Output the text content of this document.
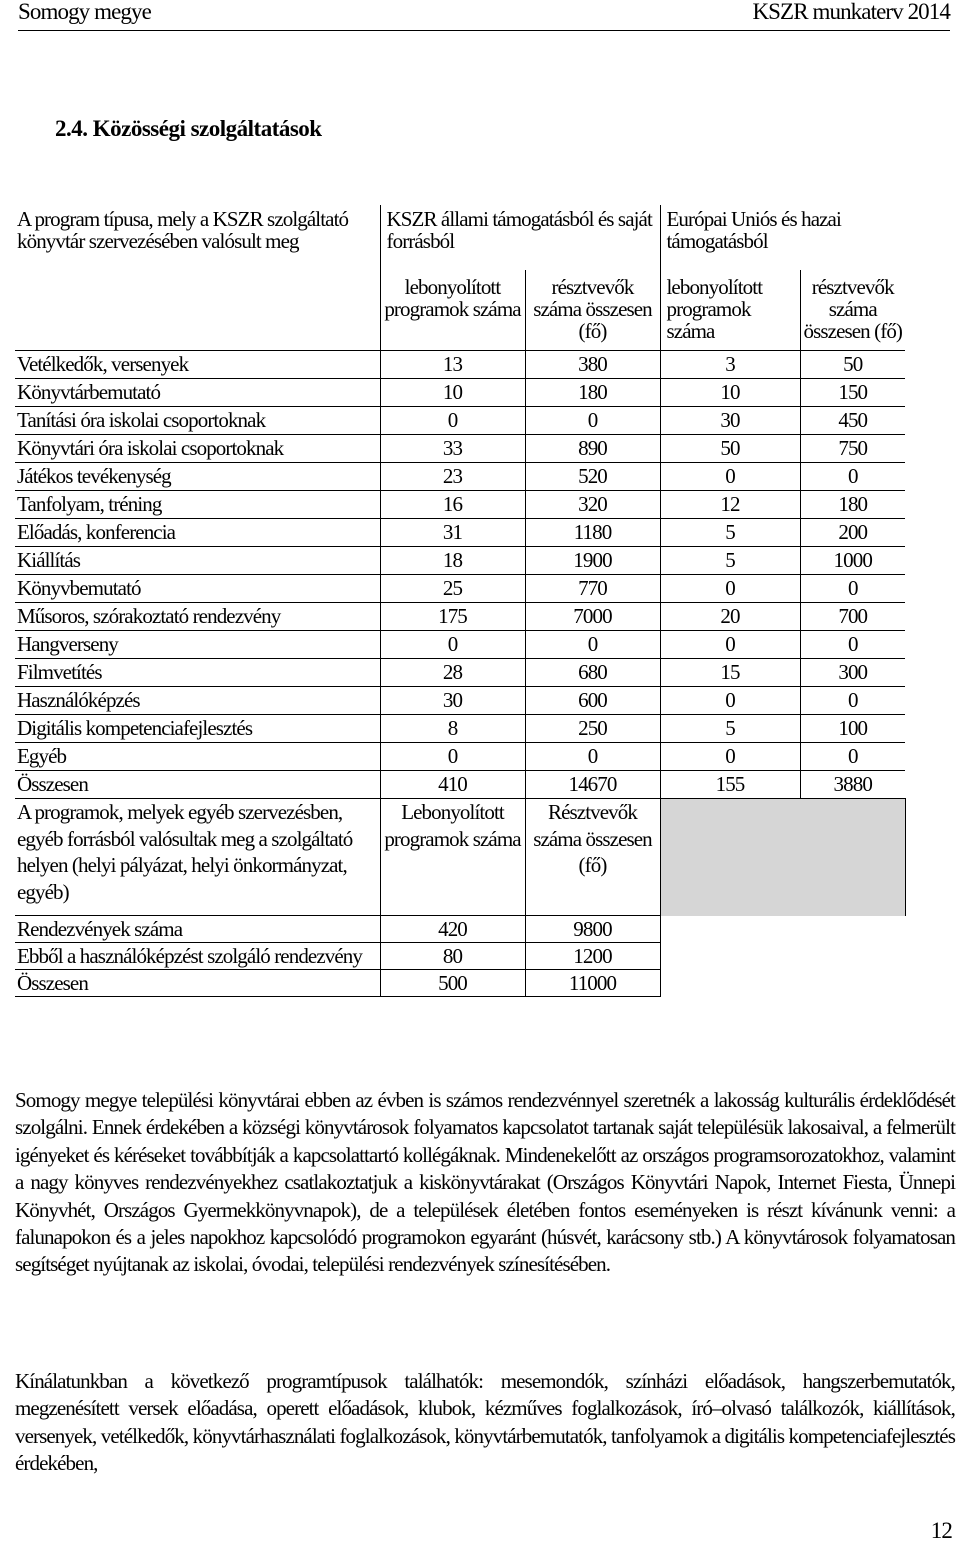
Somogy megye	KSZR munkaterv 2014
2.4. Közösségi szolgáltatások
A program típusa, mely a KSZR szolgáltató könyvtár szervezésében valósult meg	KSZR állami támogatásból és saját forrásból		Európai Uniós és hazai támogatásból	
	lebonyolított programok száma	résztvevők száma összesen (fő)	lebonyolított programok száma	résztvevők száma összesen (fő)
Vetélkedők, versenyek	13	380	3	50
Könyvtárbemutató	10	180	10	150
Tanítási óra iskolai csoportoknak	0	0	30	450
Könyvtári óra iskolai csoportoknak	33	890	50	750
Játékos tevékenység	23	520	0	0
Tanfolyam, tréning	16	320	12	180
Előadás, konferencia	31	1180	5	200
Kiállítás	18	1900	5	1000
Könyvbemutató	25	770	0	0
Műsoros, szórakoztató rendezvény	175	7000	20	700
Hangverseny	0	0	0	0
Filmvetítés	28	680	15	300
Használóképzés	30	600	0	0
Digitális kompetenciafejlesztés	8	250	5	100
Egyéb	0	0	0	0
Összesen	410	14670	155	3880
A programok, melyek egyéb szervezésben, egyéb forrásból valósultak meg a szolgáltató helyen (helyi pályázat, helyi önkormányzat, egyéb)	Lebonyolított programok száma	Résztvevők száma összesen (fő)		
Rendezvények száma	420	9800		
Ebből a használóképzést szolgáló rendezvény	80	1200		
Összesen	500	11000		
Somogy megye települési könyvtárai ebben az évben is számos rendezvénnyel szeretnék a lakosság kulturális érdeklődését szolgálni. Ennek érdekében a községi könyvtárosok folyamatos kapcsolatot tartanak saját településük lakosaival, a felmerült igényeket és kéréseket továbbítják a kapcsolattartó kollégáknak. Mindenekelőtt az országos programsorozatokhoz, valamint a nagy könyves rendezvényekhez csatlakoztatjuk a kiskönyvtárakat (Országos Könyvtári Napok, Internet Fiesta, Ünnepi Könyvhét, Országos Gyermekkönyvnapok), de a települések életében fontos eseményeken is részt kívánunk venni: a falunapokon és a jeles napokhoz kapcsolódó programokon egyaránt (húsvét, karácsony stb.) A könyvtárosok folyamatosan segítséget nyújtanak az iskolai, óvodai, települési rendezvények színesítésében.
Kínálatunkban a következő programtípusok találhatók: mesemondók, színházi előadások, hangszerbemutatók, megzenésített versek előadása, operett előadások, klubok, kézműves foglalkozások, író–olvasó találkozók, kiállítások, versenyek, vetélkedők, könyvtárhasználati foglalkozások, könyvtárbemutatók, tanfolyamok a digitális kompetenciafejlesztés érdekében,
12
